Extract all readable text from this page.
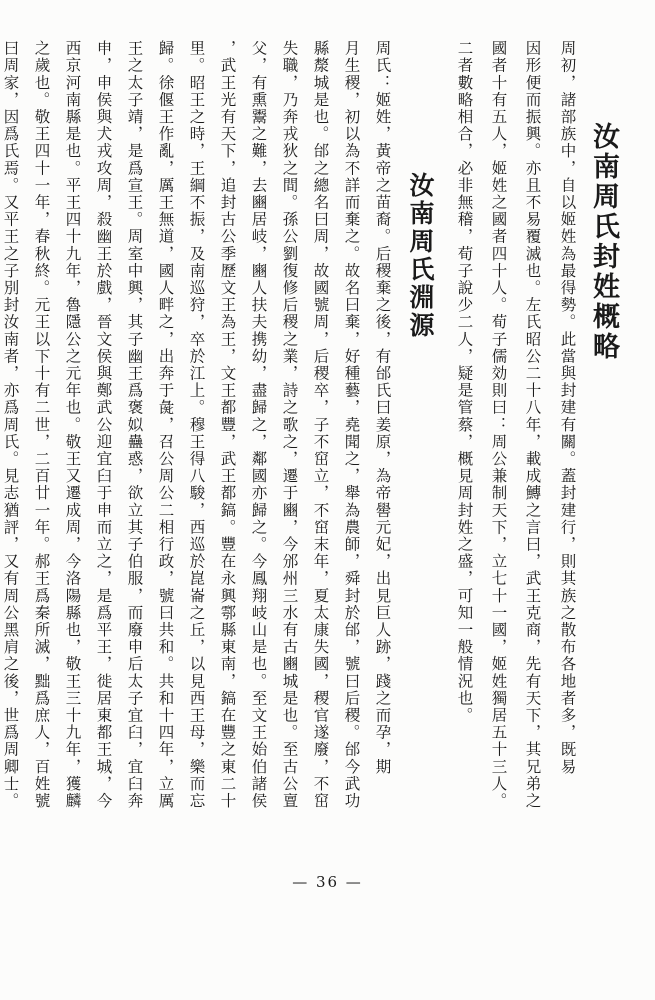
汝南周氏封姓概略
周初，諸部族中，自以姬姓為最得勢。此當與封建有關。蓋封建行，則其族之散布各地者多，既易
因形便而振興。亦且不易覆滅也。左氏昭公二十八年，載成鱄之言曰，武王克商，先有天下，其兄弟之
國者十有五人，姬姓之國者四十人。荀子儒効則曰：周公兼制天下，立七十一國，姬姓獨居五十三人。
二者數略相合，必非無稽，荀子說少二人，疑是管蔡，概見周封姓之盛，可知一般情況也。
汝南周氏淵源
周氏：姬姓，黃帝之苗裔。后稷棄之後，有邰氏曰姜原，為帝嚳元妃，出見巨人跡，踐之而孕，期
月生稷，初以為不詳而棄之。故名曰棄，好種藝，堯聞之，舉為農師，舜封於邰，號曰后稷。邰今武功
縣漦城是也。邰之總名曰周，故國號周，后稷卒，子不窋立，不窋末年，夏太康失國，稷官遂廢，不窋
失職，乃奔戎狄之間。孫公劉復修后稷之業，詩之歌之，遷于豳，今邠州三水有古豳城是也。至古公亶
父，有熏鬻之難，去豳居岐，豳人扶夫携幼，盡歸之，鄰國亦歸之。今鳳翔岐山是也。至文王始伯諸侯
，武王光有天下，追封古公季歷文王為王，文王都豐，武王都鎬。豐在永興鄠縣東南，鎬在豐之東二十
里。昭王之時，王綱不振，及南巡狩，卒於江上。穆王得八駿，西巡於崑崙之丘，以見西王母，樂而忘
歸。徐偃王作亂，厲王無道，國人畔之，出奔于彘，召公周公二相行政，號曰共和。共和十四年，立厲
王之太子靖，是爲宣王。周室中興，其子幽王爲褒姒蠱惑，欲立其子伯服，而廢申后太子宜臼，宜臼奔
申，申侯與犬戎攻周，殺幽王於戲，晉文侯與鄭武公迎宜臼于申而立之，是爲平王，徙居東都王城，今
西京河南縣是也。平王四十九年，魯隱公之元年也。敬王又遷成周，今洛陽縣也，敬王三十九年，獲麟
之歲也。敬王四十一年，春秋終。元王以下十有二世，二百廿一年。郝王爲秦所滅，黜爲庶人，百姓號
曰周家，因爲氏焉。又平王之子別封汝南者，亦爲周氏。見志猶評，又有周公黑肩之後，世爲周卿士。
— 36 —
